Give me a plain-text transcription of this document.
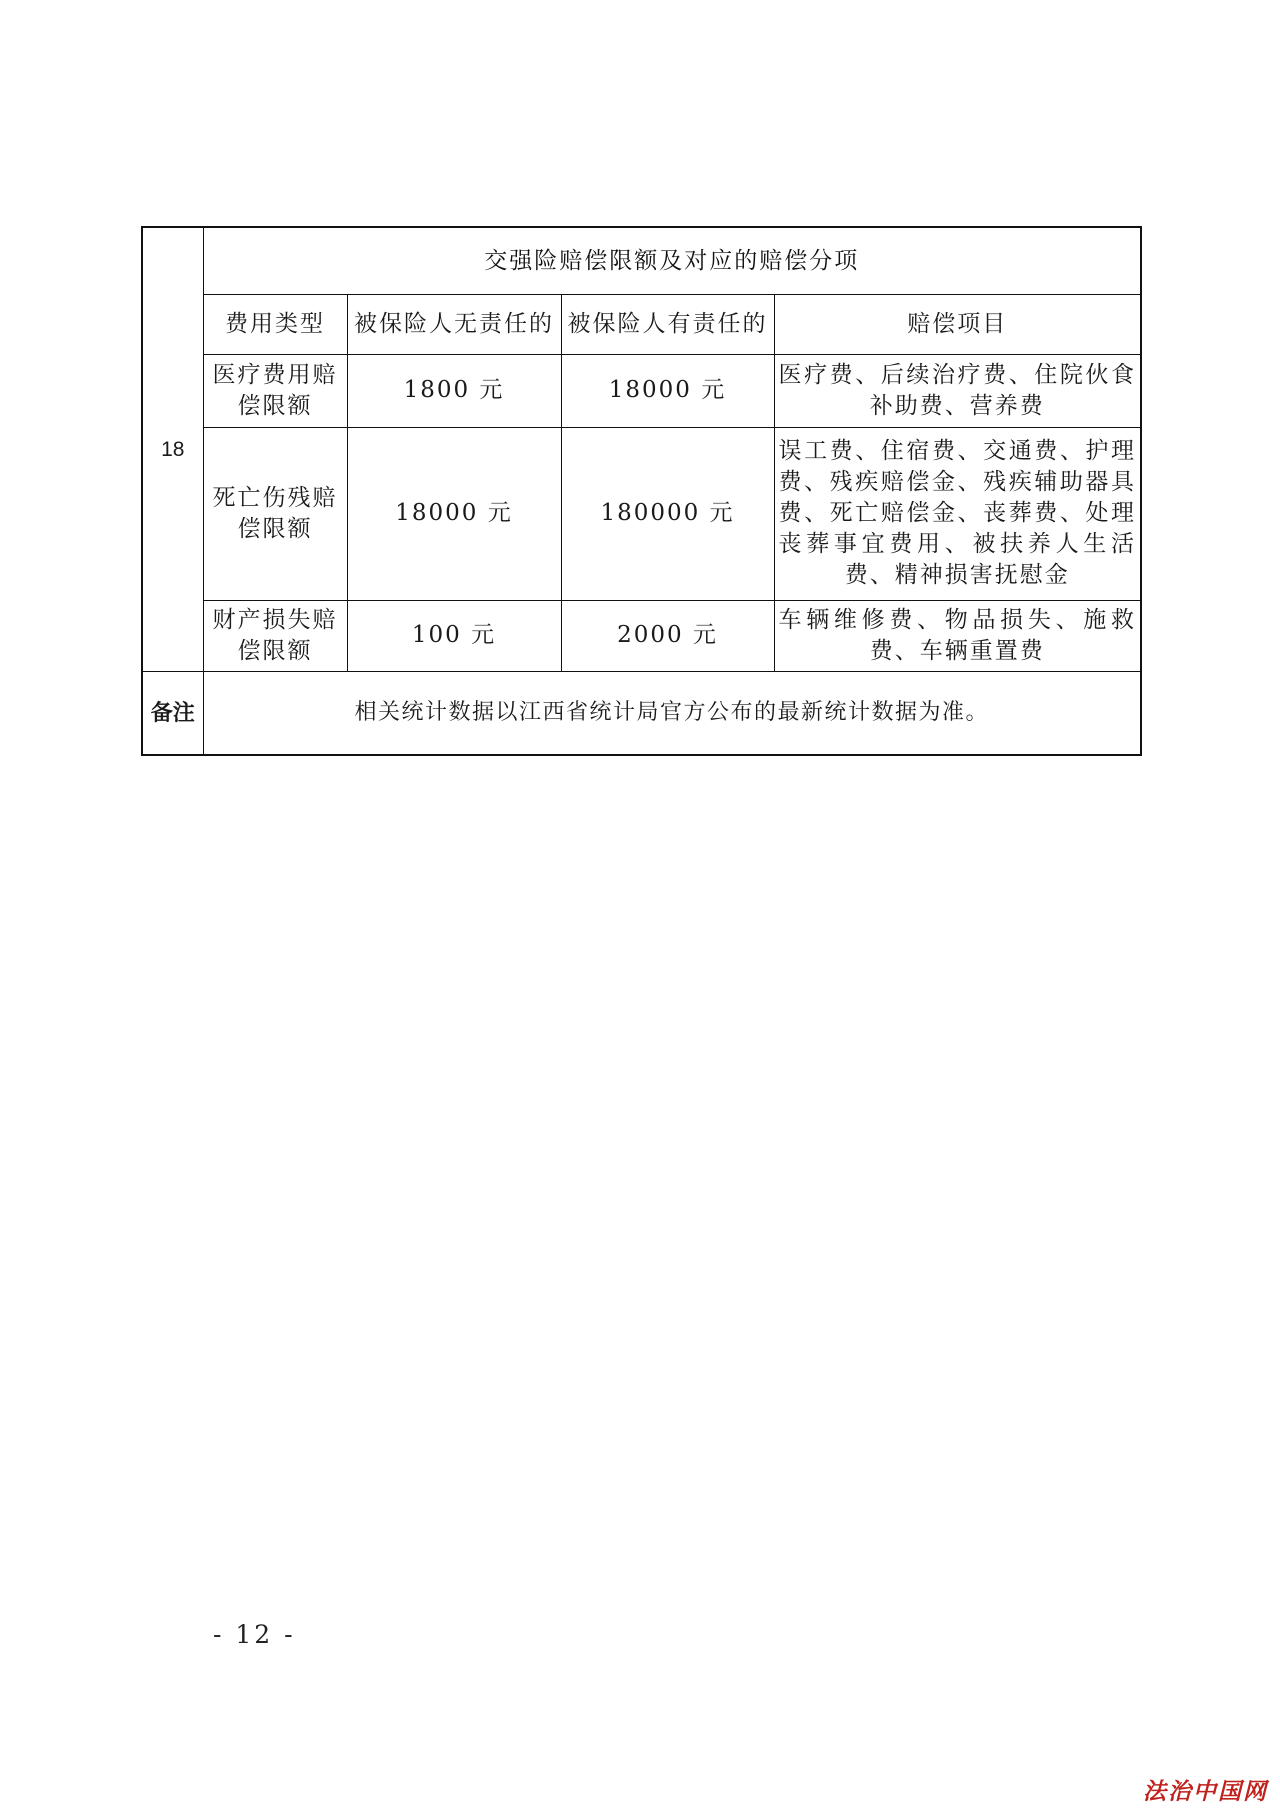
18	交强险赔偿限额及对应的赔偿分项			
	费用类型	被保险人无责任的	被保险人有责任的	赔偿项目
	医疗费用赔偿限额	1800 元	18000 元	医疗费、后续治疗费、住院伙食补助费、营养费
	死亡伤残赔偿限额	18000 元	180000 元	误工费、住宿费、交通费、护理费、残疾赔偿金、残疾辅助器具费、死亡赔偿金、丧葬费、处理丧葬事宜费用、被扶养人生活费、精神损害抚慰金
	财产损失赔偿限额	100 元	2000 元	车辆维修费、物品损失、施救费、车辆重置费
备注	相关统计数据以江西省统计局官方公布的最新统计数据为准。			
- 12 -
法治中国网
